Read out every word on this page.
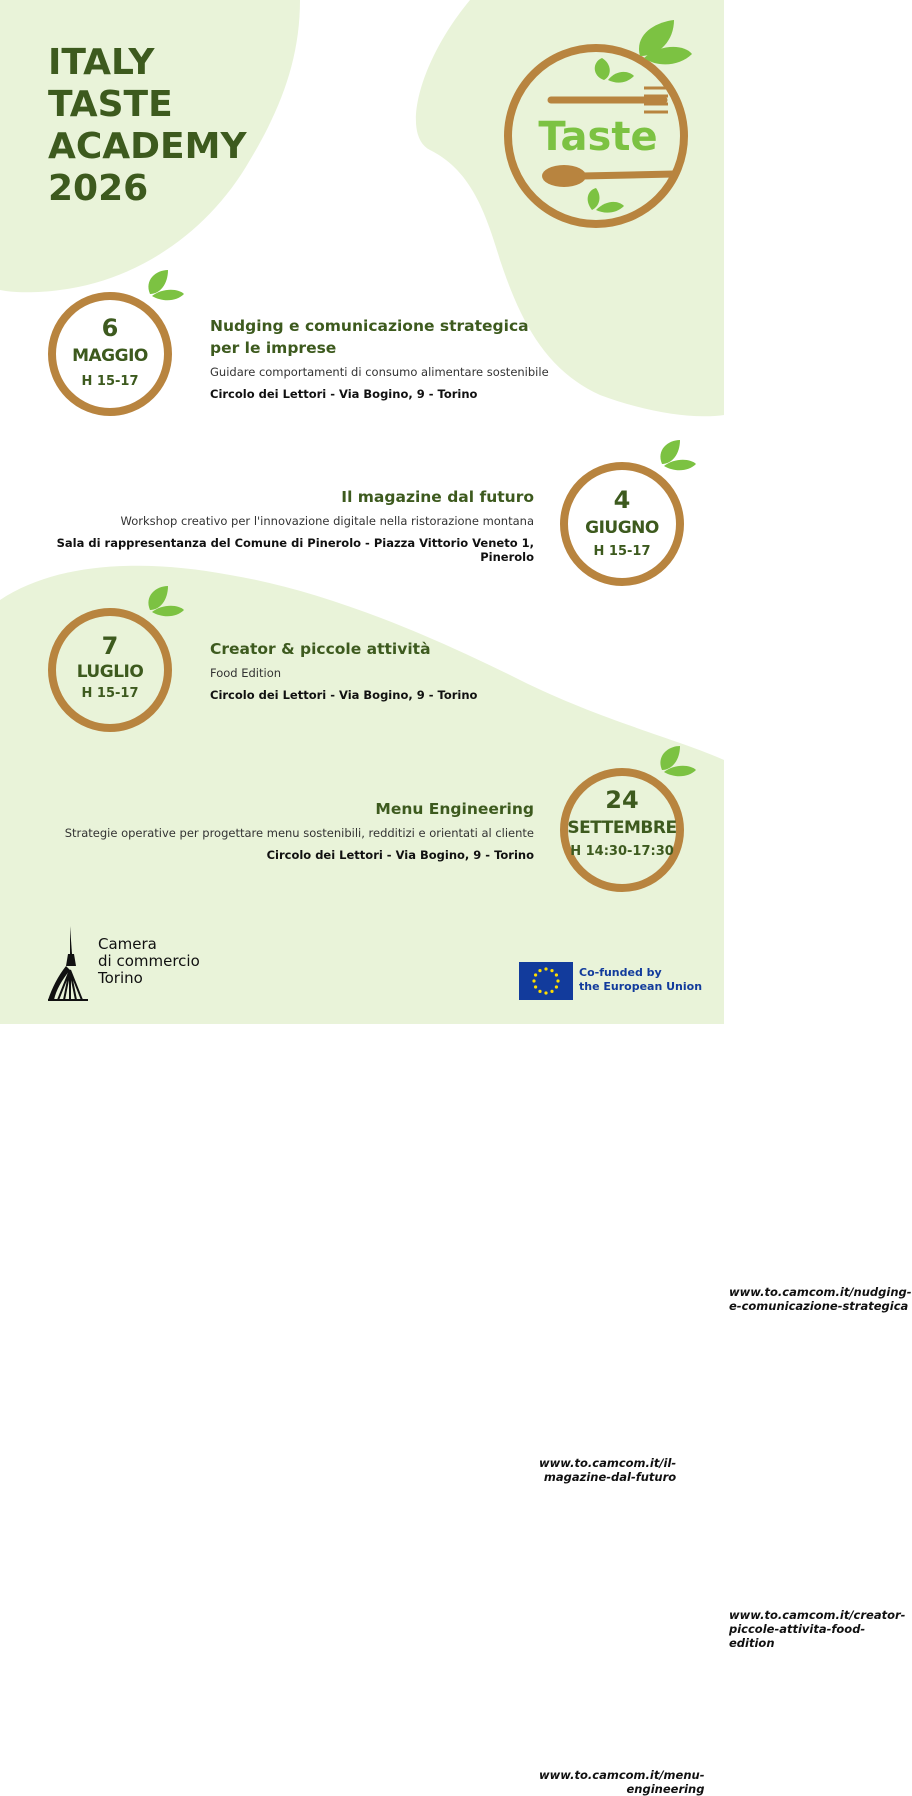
ITALY
TASTE
ACADEMY
2026
Taste
6
MAGGIO
H 15-17
Nudging e comunicazione strategica
per le imprese
Guidare comportamenti di consumo alimentare sostenibile
Circolo dei Lettori - Via Bogino, 9 - Torino
www.to.camcom.it/nudging-e-comunicazione-strategica
4
GIUGNO
H 15-17
Il magazine dal futuro
Workshop creativo per l'innovazione digitale nella ristorazione montana
Sala di rappresentanza del Comune di Pinerolo - Piazza Vittorio Veneto 1, Pinerolo
www.to.camcom.it/il-magazine-dal-futuro
7
LUGLIO
H 15-17
Creator & piccole attività
Food Edition
Circolo dei Lettori - Via Bogino, 9 - Torino
www.to.camcom.it/creator-piccole-attivita-food-edition
24
SETTEMBRE
H 14:30-17:30
Menu Engineering
Strategie operative per progettare menu sostenibili, redditizi e orientati al cliente
Circolo dei Lettori - Via Bogino, 9 - Torino
www.to.camcom.it/menu-engineering
Camera
di commercio
Torino	Co-funded by
the European Union
